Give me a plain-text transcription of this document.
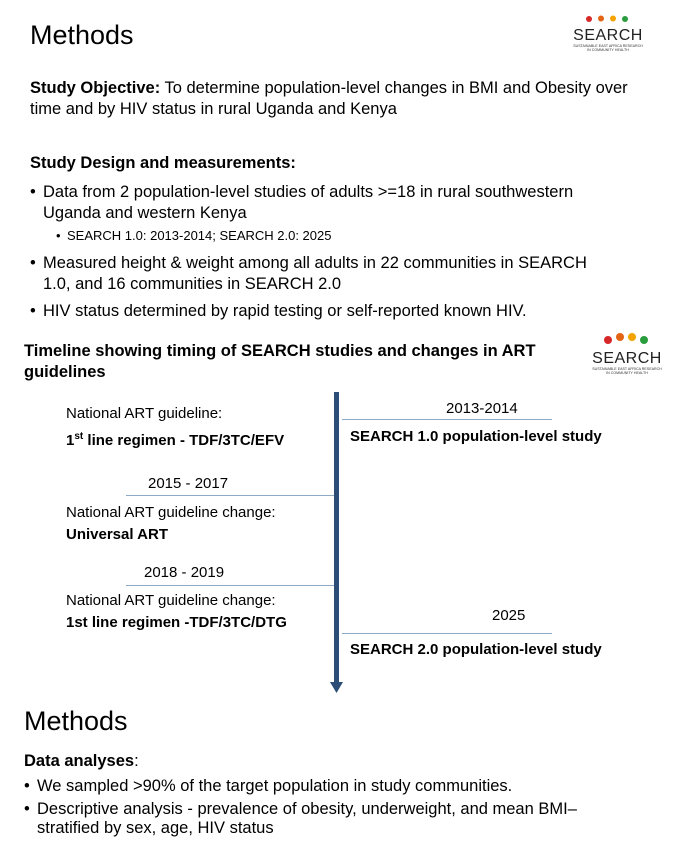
Methods	SEARCH
SUSTAINABLE EAST AFRICA RESEARCH
IN COMMUNITY HEALTH
Study Objective: To determine population-level changes in BMI and Obesity over time and by HIV status in rural Uganda and Kenya
Study Design and measurements:
• Data from 2 population-level studies of adults >=18 in rural southwestern Uganda and western Kenya
• SEARCH 1.0: 2013-2014; SEARCH 2.0: 2025
• Measured height & weight among all adults in 22 communities in SEARCH 1.0, and 16 communities in SEARCH 2.0
• HIV status determined by rapid testing or self-reported known HIV.
Timeline showing timing of SEARCH studies and changes in ART guidelines
SEARCH
SUSTAINABLE EAST AFRICA RESEARCH
IN COMMUNITY HEALTH
National ART guideline:
1st line regimen - TDF/3TC/EFV
2015 - 2017
National ART guideline change:
Universal ART
2018 - 2019
National ART guideline change:
1st line regimen -TDF/3TC/DTG
2013-2014
SEARCH 1.0 population-level study
2025
SEARCH 2.0 population-level study
Methods
Data analyses:
• We sampled >90% of the target population in study communities.
• Descriptive analysis - prevalence of obesity, underweight, and mean BMI– stratified by sex, age, HIV status
